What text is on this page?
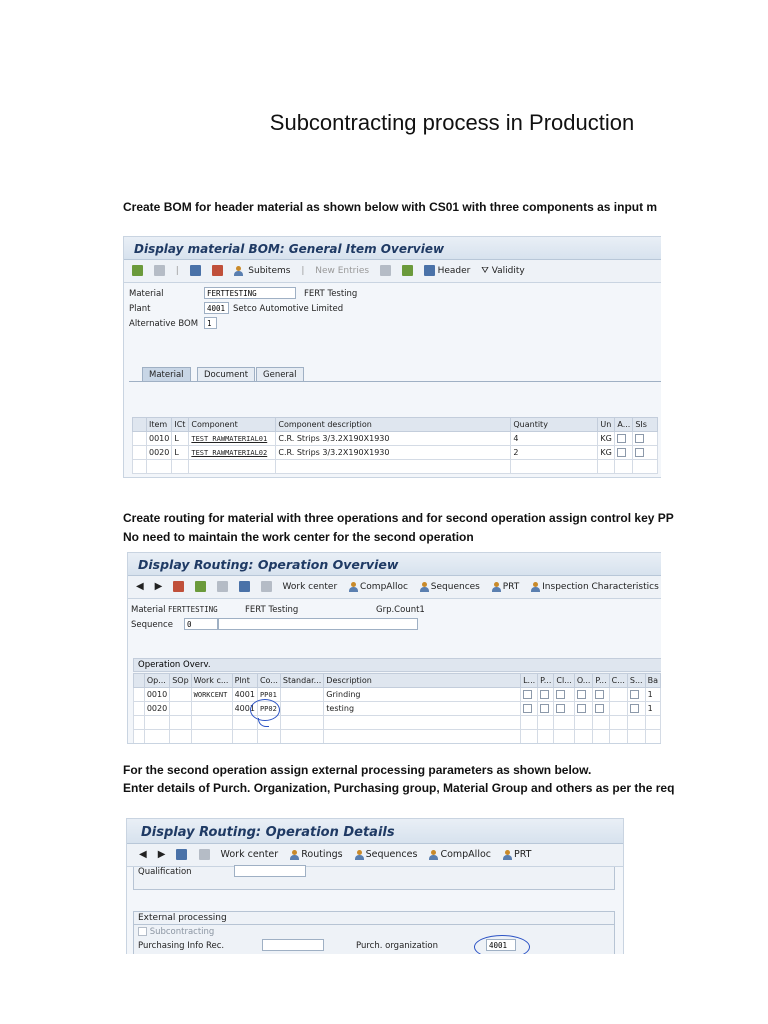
Subcontracting process in Production
Create BOM for header material as shown below with CS01 with three components as input m
Display material BOM: General Item Overview
|	Subitems | New Entries	Header ⛛ Validity
Material	FERTTESTING	FERT Testing
Plant	4001 Setco Automotive Limited
Alternative BOM	1
Material	Document	General
	Item	ICt	Component	Component description	Quantity	Un	A...	SIs
	0010	L	TEST RAWMATERIAL01	C.R. Strips 3/3.2X190X1930	4	KG		
	0020	L	TEST RAWMATERIAL02	C.R. Strips 3/3.2X190X1930	2	KG		

Create routing for material with three operations and for second operation assign control key PP
No need to maintain the work center for the second operation
Display Routing: Operation Overview
◀ ▶	Work center	CompAlloc	Sequences	PRT	Inspection Characteristics
Material FERTTESTING	FERT Testing	Grp.Count1
Sequence	0
Operation Overv.
	Op...	SOp	Work c...	Plnt	Co...	Standar...	Description	L...	P...	Cl...	O...	P...	C...	S...	Ba
	0010		WORKCENT	4001	PP01		Grinding								1
	0020			4001	PP02		testing								1

For the second operation assign external processing parameters as shown below.
Enter details of Purch. Organization, Purchasing group, Material Group and others as per the req
Display Routing: Operation Details
◀ ▶	Work center Routings Sequences CompAlloc PRT
Qualification
External processing
Subcontracting
Purchasing Info Rec.	Purch. organization	4001
